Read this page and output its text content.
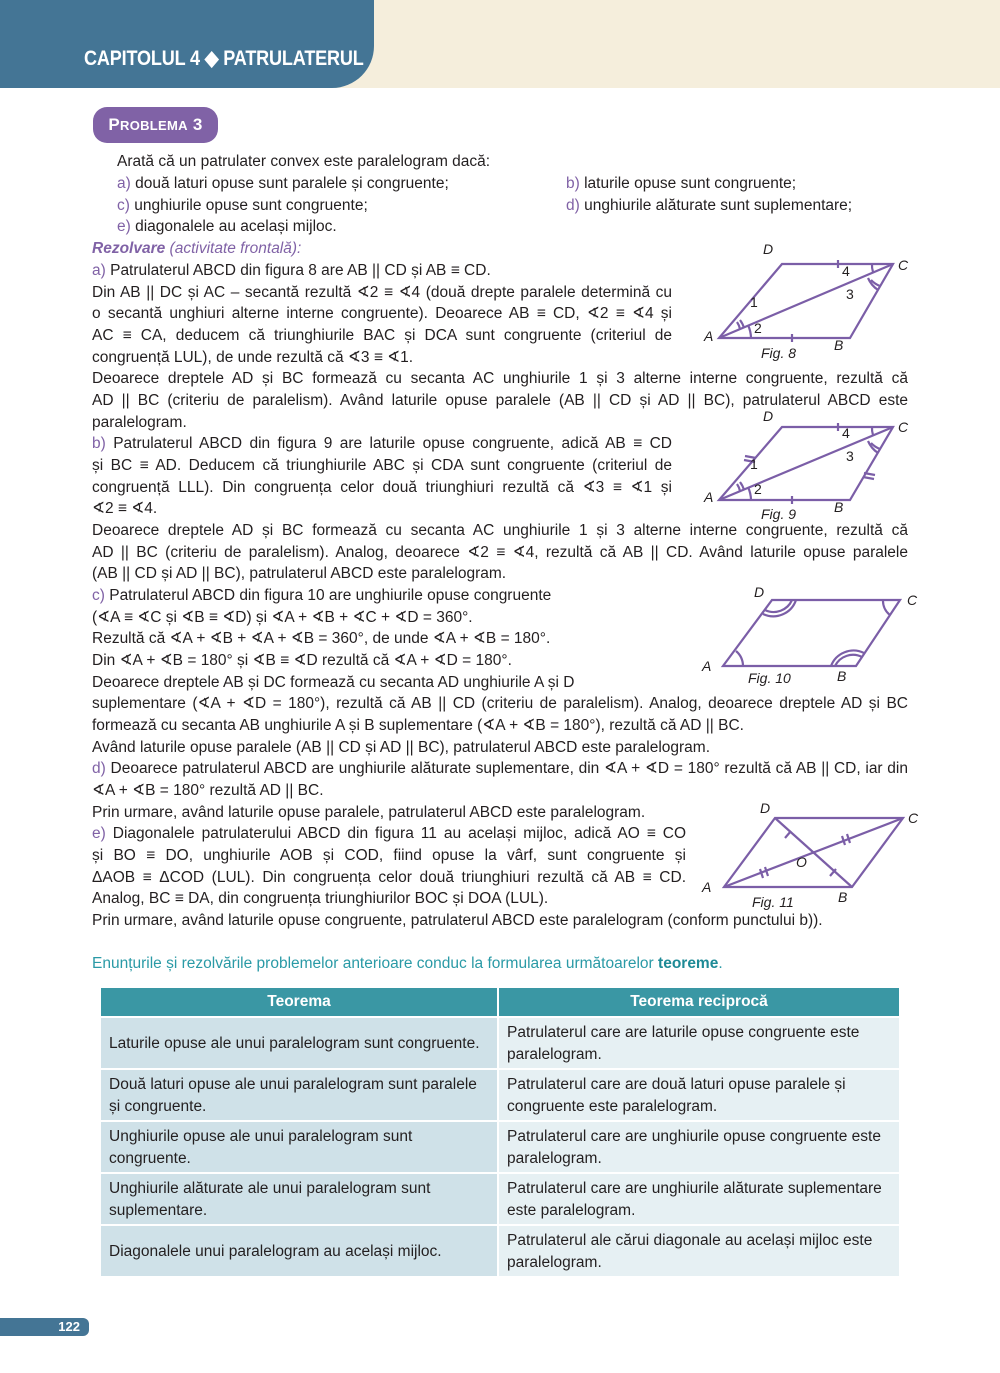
CAPITOLUL 4 ◆ PATRULATERUL
PROBLEMA 3
Arată că un patrulater convex este paralelogram dacă:
a) două laturi opuse sunt paralele și congruente;	b) laturile opuse sunt congruente;
c) unghiurile opuse sunt congruente;	d) unghiurile alăturate sunt suplementare;
e) diagonalele au același mijloc.
Rezolvare (activitate frontală):
a) Patrulaterul ABCD din figura 8 are AB || CD și AB ≡ CD.
Din AB || DC și AC – secantă rezultă ∢2 ≡ ∢4 (două drepte paralele determină cu
o secantă unghiuri alterne interne congruente). Deoarece AB ≡ CD, ∢2 ≡ ∢4 și
AC ≡ CA, deducem că triunghiurile BAC și DCA sunt congruente (criteriul de
congruență LUL), de unde rezultă că ∢3 ≡ ∢1.
Deoarece dreptele AD și BC formează cu secanta AC unghiurile 1 și 3 alterne interne congruente, rezultă că
AD || BC (criteriu de paralelism). Având laturile opuse paralele (AB || CD și AD || BC), patrulaterul ABCD este
paralelogram.
D
C
A
B
1
2
3
4
Fig. 8
b) Patrulaterul ABCD din figura 9 are laturile opuse congruente, adică AB ≡ CD
și BC ≡ AD. Deducem că triunghiurile ABC și CDA sunt congruente (criteriul de
congruență LLL). Din congruența celor două triunghiuri rezultă că ∢3 ≡ ∢1 și
∢2 ≡ ∢4.
Deoarece dreptele AD și BC formează cu secanta AC unghiurile 1 și 3 alterne interne congruente, rezultă că
AD || BC (criteriu de paralelism). Analog, deoarece ∢2 ≡ ∢4, rezultă că AB || CD. Având laturile opuse paralele
(AB || CD și AD || BC), patrulaterul ABCD este paralelogram.
D
C
A
B
1
2
3
4
Fig. 9
c) Patrulaterul ABCD din figura 10 are unghiurile opuse congruente
(∢A ≡ ∢C și ∢B ≡ ∢D) și ∢A + ∢B + ∢C + ∢D = 360°.
Rezultă că ∢A + ∢B + ∢A + ∢B = 360°, de unde ∢A + ∢B = 180°.
Din ∢A + ∢B = 180° și ∢B ≡ ∢D rezultă că ∢A + ∢D = 180°.
Deoarece dreptele AB și DC formează cu secanta AD unghiurile A și D
suplementare (∢A + ∢D = 180°), rezultă că AB || CD (criteriu de paralelism). Analog, deoarece dreptele AD și BC
formează cu secanta AB unghiurile A și B suplementare (∢A + ∢B = 180°), rezultă că AD || BC.
Având laturile opuse paralele (AB || CD și AD || BC), patrulaterul ABCD este paralelogram.
D	C
A
B
Fig. 10
d) Deoarece patrulaterul ABCD are unghiurile alăturate suplementare, din ∢A + ∢D = 180° rezultă că AB || CD, iar din
∢A + ∢B = 180° rezultă AD || BC.
Prin urmare, având laturile opuse paralele, patrulaterul ABCD este paralelogram.
e) Diagonalele patrulaterului ABCD din figura 11 au același mijloc, adică AO ≡ CO
și BO ≡ DO, unghiurile AOB și COD, fiind opuse la vârf, sunt congruente și
ΔAOB ≡ ΔCOD (LUL). Din congruența celor două triunghiuri rezultă că AB ≡ CD.
Analog, BC ≡ DA, din congruența triunghiurilor BOC și DOA (LUL).
Prin urmare, având laturile opuse congruente, patrulaterul ABCD este paralelogram (conform punctului b)).
D
C
A
B
O
Fig. 11
Enunțurile și rezolvările problemelor anterioare conduc la formularea următoarelor teoreme.
Teorema	Teorema reciprocă
Laturile opuse ale unui paralelogram sunt congruente.	Patrulaterul care are laturile opuse congruente este paralelogram.
Două laturi opuse ale unui paralelogram sunt paralele și congruente.	Patrulaterul care are două laturi opuse paralele și congruente este paralelogram.
Unghiurile opuse ale unui paralelogram sunt congruente.	Patrulaterul care are unghiurile opuse congruente este paralelogram.
Unghiurile alăturate ale unui paralelogram sunt suplementare.	Patrulaterul care are unghiurile alăturate suplementare este paralelogram.
Diagonalele unui paralelogram au același mijloc.	Patrulaterul ale cărui diagonale au același mijloc este paralelogram.
122
